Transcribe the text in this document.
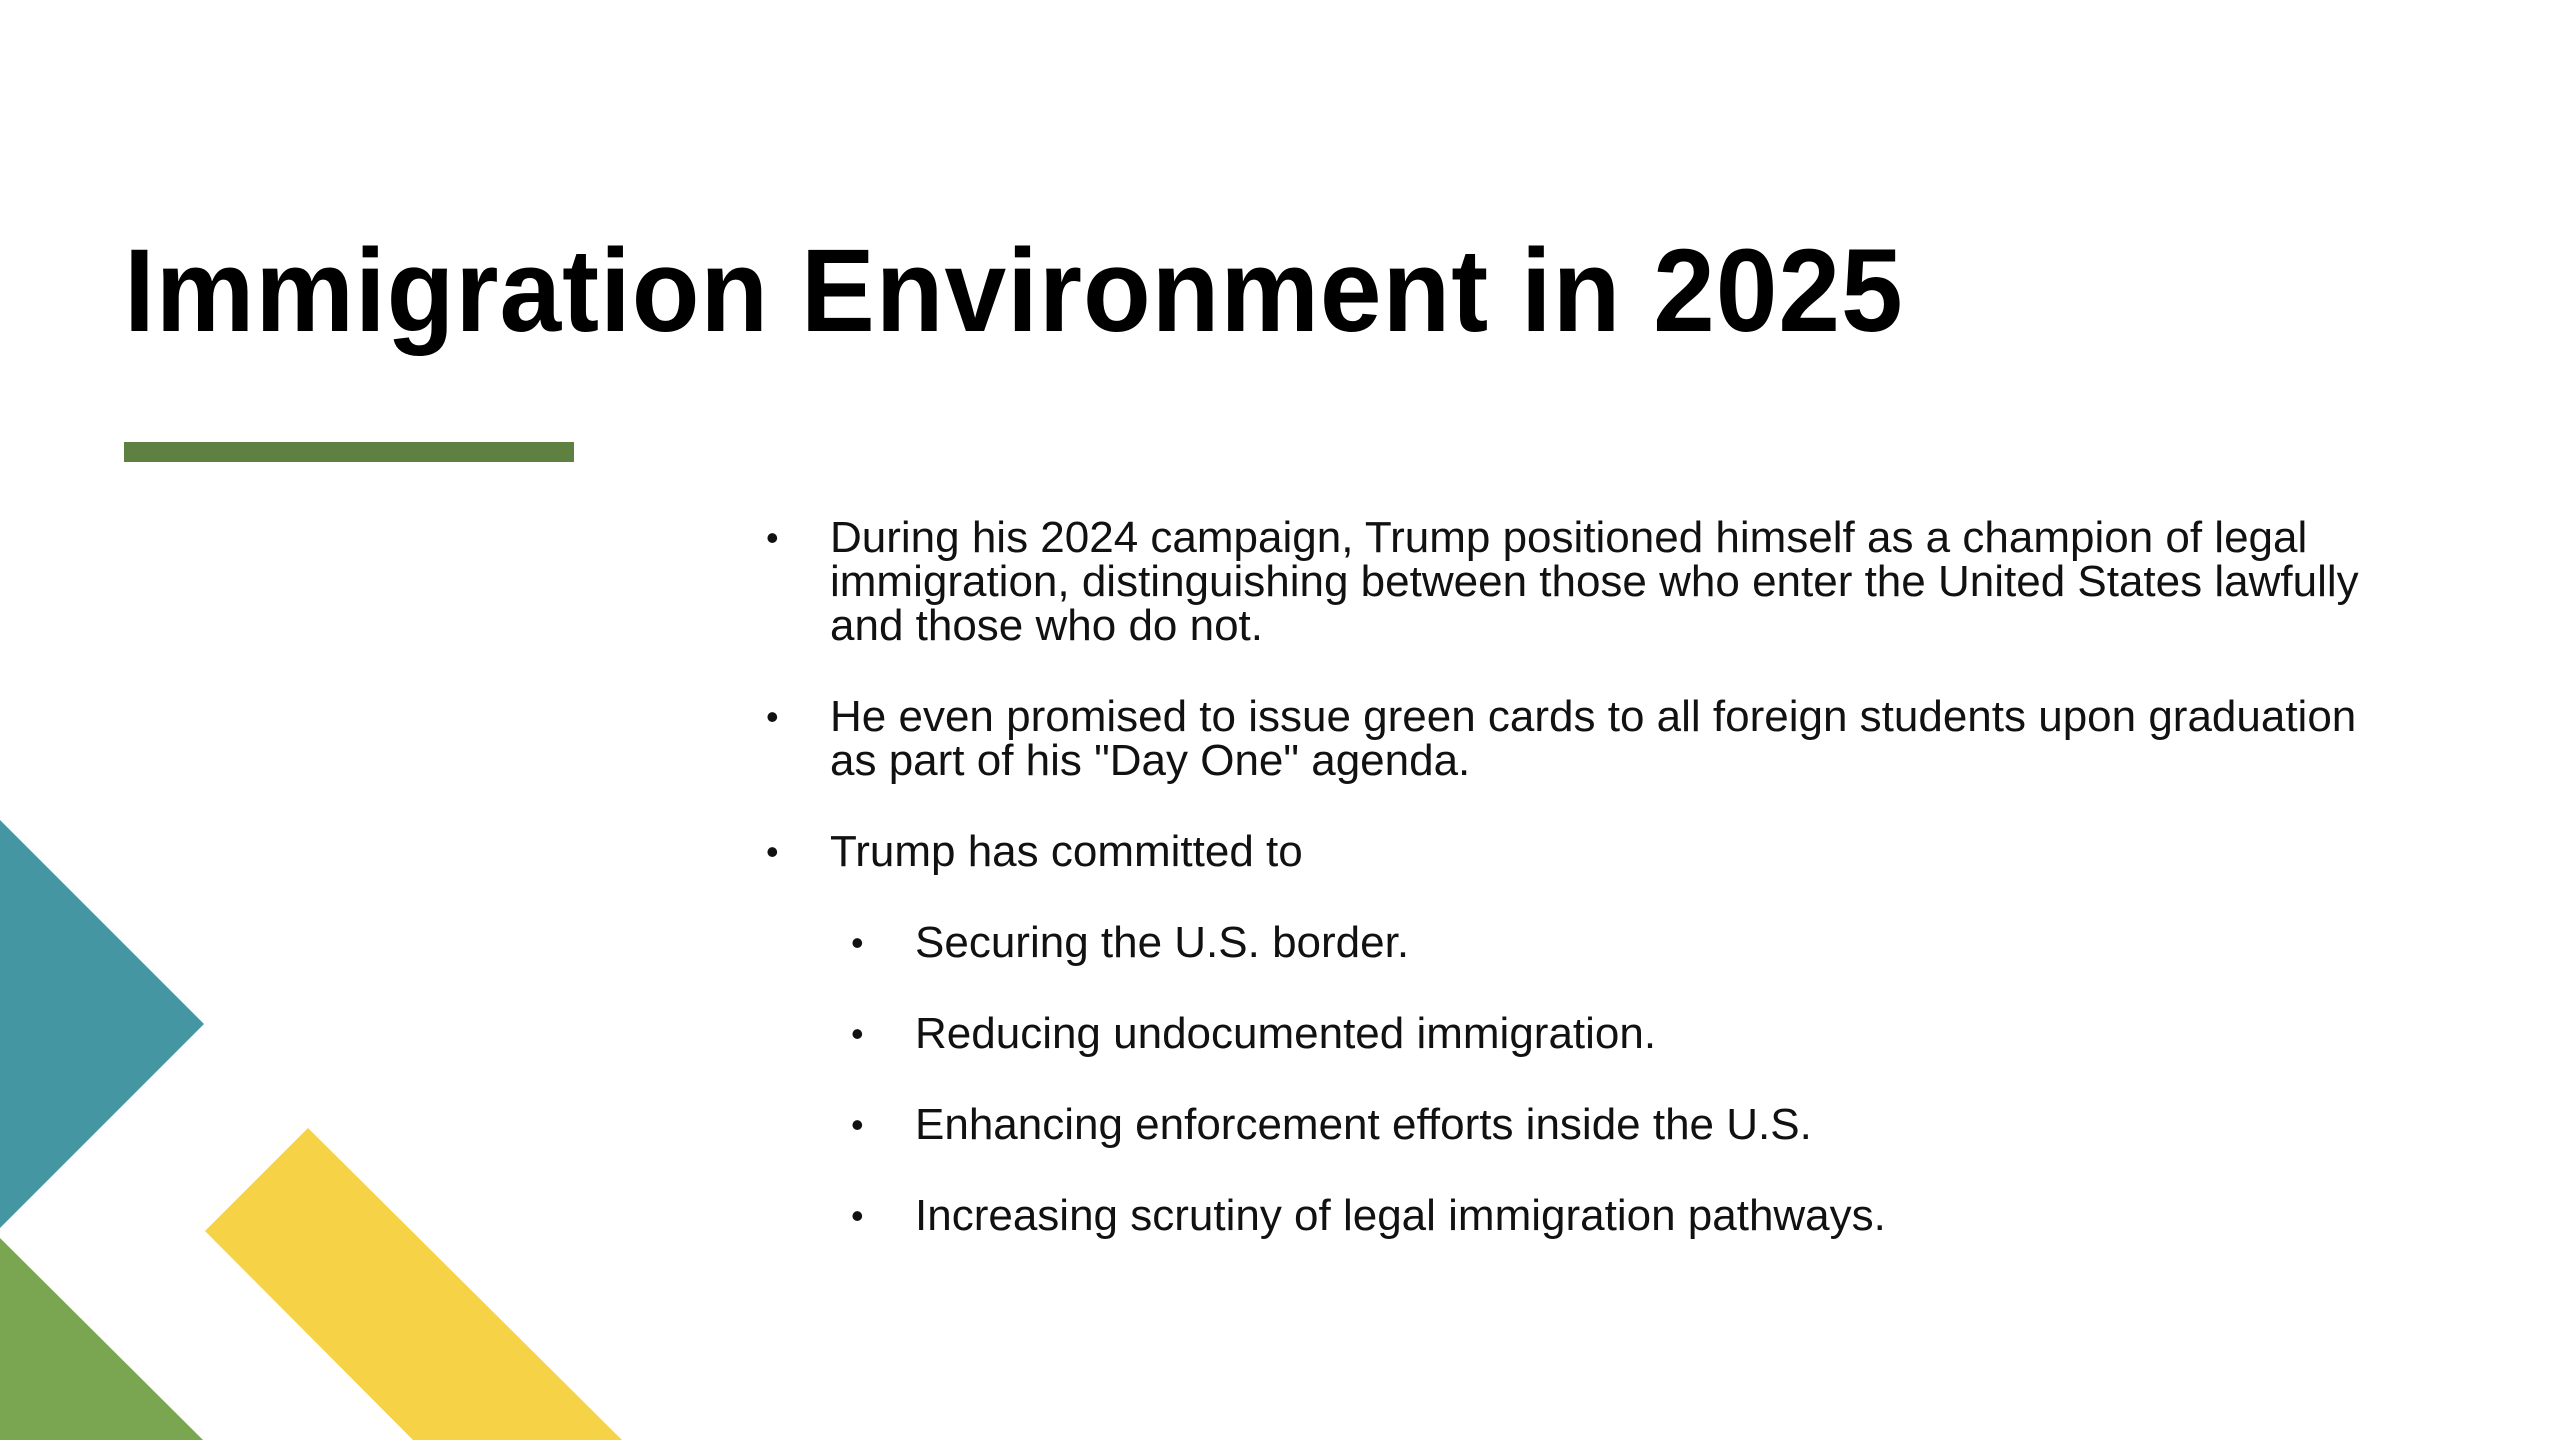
Immigration Environment in 2025
• During his 2024 campaign, Trump positioned himself as a champion of legal immigration, distinguishing between those who enter the United States lawfully and those who do not.
• He even promised to issue green cards to all foreign students upon graduation as part of his "Day One" agenda.
• Trump has committed to
• Securing the U.S. border.
• Reducing undocumented immigration.
• Enhancing enforcement efforts inside the U.S.
• Increasing scrutiny of legal immigration pathways.
